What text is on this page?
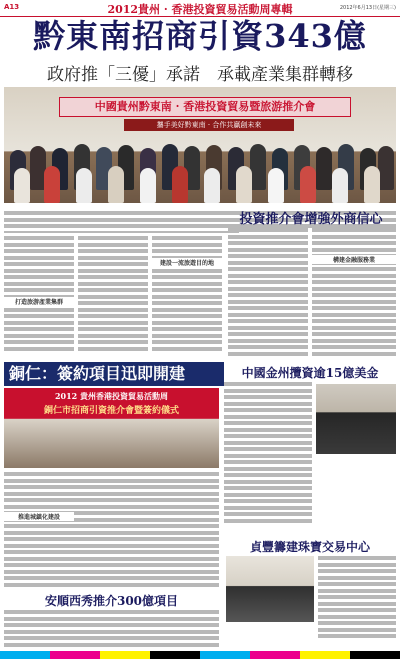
A13	2012貴州 · 香港投資貿易活動周專輯	2012年6月13日(星期三)
黔東南招商引資343億
政府推「三優」承諾　承載產業集群轉移
中國貴州黔東南 · 香港投資貿易暨旅游推介會
攜手美好黔東南 · 合作共贏創未來
打造旅游產業集群
建設一流旅遊目的地
投資推介會增強外商信心
構建金融服務業
銅仁：簽約項目迅即開建
2012 貴州香港投資貿易活動周
銅仁市招商引資推介會暨簽約儀式
推進城鎮化建設
安順西秀推介300億項目
中國金州攬資逾15億美金
貞豐籌建珠寶交易中心
